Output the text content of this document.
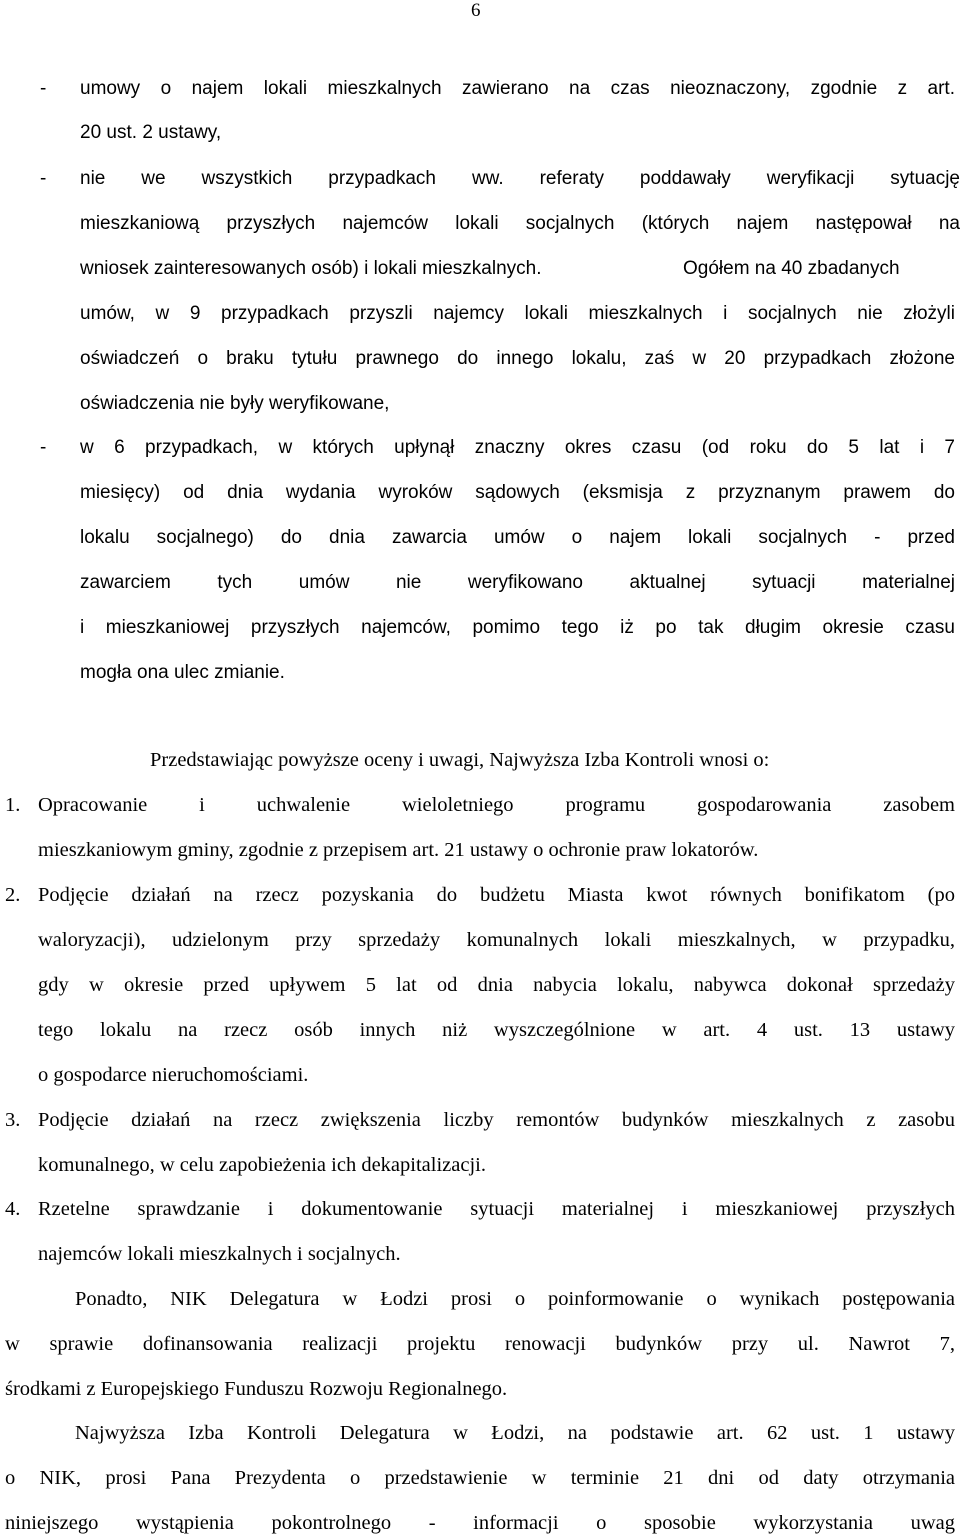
6
- umowy o najem lokali mieszkalnych zawierano na czas nieoznaczony, zgodnie z art.
20 ust. 2 ustawy,
- nie we wszystkich przypadkach ww. referaty poddawały weryfikacji sytuację
mieszkaniową przyszłych najemców lokali socjalnych (których najem następował na
wniosek zainteresowanych osób) i lokali mieszkalnych.	Ogółem na 40 zbadanych
umów, w 9 przypadkach przyszli najemcy lokali mieszkalnych i socjalnych nie złożyli
oświadczeń o braku tytułu prawnego do innego lokalu, zaś w 20 przypadkach złożone
oświadczenia nie były weryfikowane,
- w 6 przypadkach, w których upłynął znaczny okres czasu (od roku do 5 lat i 7
miesięcy) od dnia wydania wyroków sądowych (eksmisja z przyznanym prawem do
lokalu socjalnego) do dnia zawarcia umów o najem lokali socjalnych - przed
zawarciem tych umów nie weryfikowano aktualnej sytuacji materialnej
i mieszkaniowej przyszłych najemców, pomimo tego iż po tak długim okresie czasu
mogła ona ulec zmianie.
Przedstawiając powyższe oceny i uwagi, Najwyższa Izba Kontroli wnosi o:
1. Opracowanie i uchwalenie wieloletniego programu gospodarowania zasobem
mieszkaniowym gminy, zgodnie z przepisem art. 21 ustawy o ochronie praw lokatorów.
2. Podjęcie działań na rzecz pozyskania do budżetu Miasta kwot równych bonifikatom (po
waloryzacji), udzielonym przy sprzedaży komunalnych lokali mieszkalnych, w przypadku,
gdy w okresie przed upływem 5 lat od dnia nabycia lokalu, nabywca dokonał sprzedaży
tego lokalu na rzecz osób innych niż wyszczególnione w art. 4 ust. 13 ustawy
o gospodarce nieruchomościami.
3. Podjęcie działań na rzecz zwiększenia liczby remontów budynków mieszkalnych z zasobu
komunalnego, w celu zapobieżenia ich dekapitalizacji.
4. Rzetelne sprawdzanie i dokumentowanie sytuacji materialnej i mieszkaniowej przyszłych
najemców lokali mieszkalnych i socjalnych.
Ponadto, NIK Delegatura w Łodzi prosi o poinformowanie o wynikach postępowania
w sprawie dofinansowania realizacji projektu renowacji budynków przy ul. Nawrot 7,
środkami z Europejskiego Funduszu Rozwoju Regionalnego.
Najwyższa Izba Kontroli Delegatura w Łodzi, na podstawie art. 62 ust. 1 ustawy
o NIK, prosi Pana Prezydenta o przedstawienie w terminie 21 dni od daty otrzymania
niniejszego wystąpienia pokontrolnego - informacji o sposobie wykorzystania uwag
